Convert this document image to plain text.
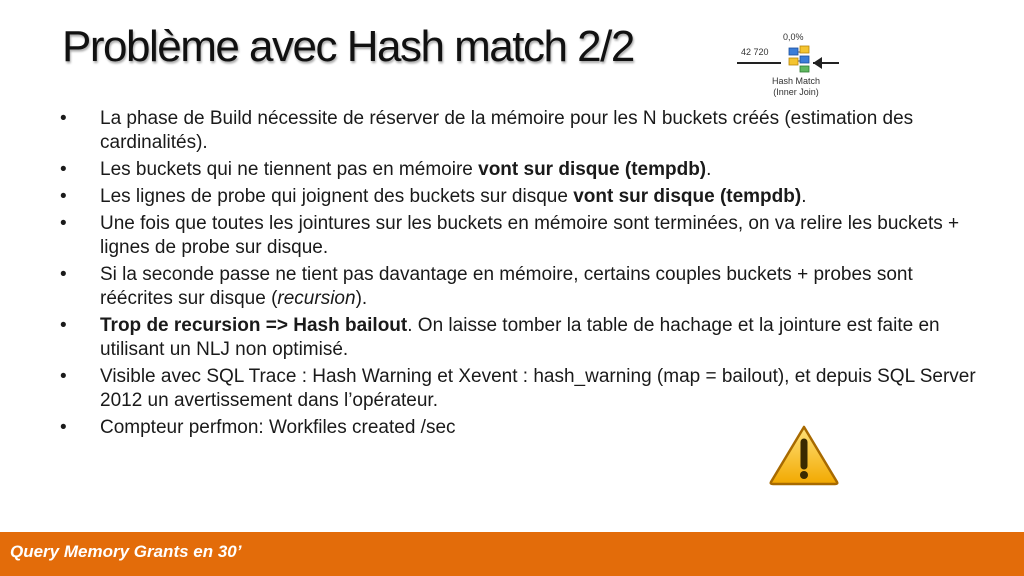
Problème avec Hash match 2/2	0,0%
42 720
Hash Match
(Inner Join)
• La phase de Build nécessite de réserver de la mémoire pour les N buckets créés (estimation des cardinalités).
• Les buckets qui ne tiennent pas en mémoire vont sur disque (tempdb).
• Les lignes de probe qui joignent des buckets sur disque vont sur disque (tempdb).
• Une fois que toutes les jointures sur les buckets en mémoire sont terminées, on va relire les buckets + lignes de probe sur disque.
• Si la seconde passe ne tient pas davantage en mémoire, certains couples buckets + probes sont réécrites sur disque (recursion).
• Trop de recursion => Hash bailout. On laisse tomber la table de hachage et la jointure est faite en utilisant un NLJ non optimisé.
• Visible avec SQL Trace : Hash Warning et Xevent : hash_warning (map = bailout), et depuis SQL Server 2012 un avertissement dans l’opérateur.
• Compteur perfmon: Workfiles created /sec
Query Memory Grants en 30’
